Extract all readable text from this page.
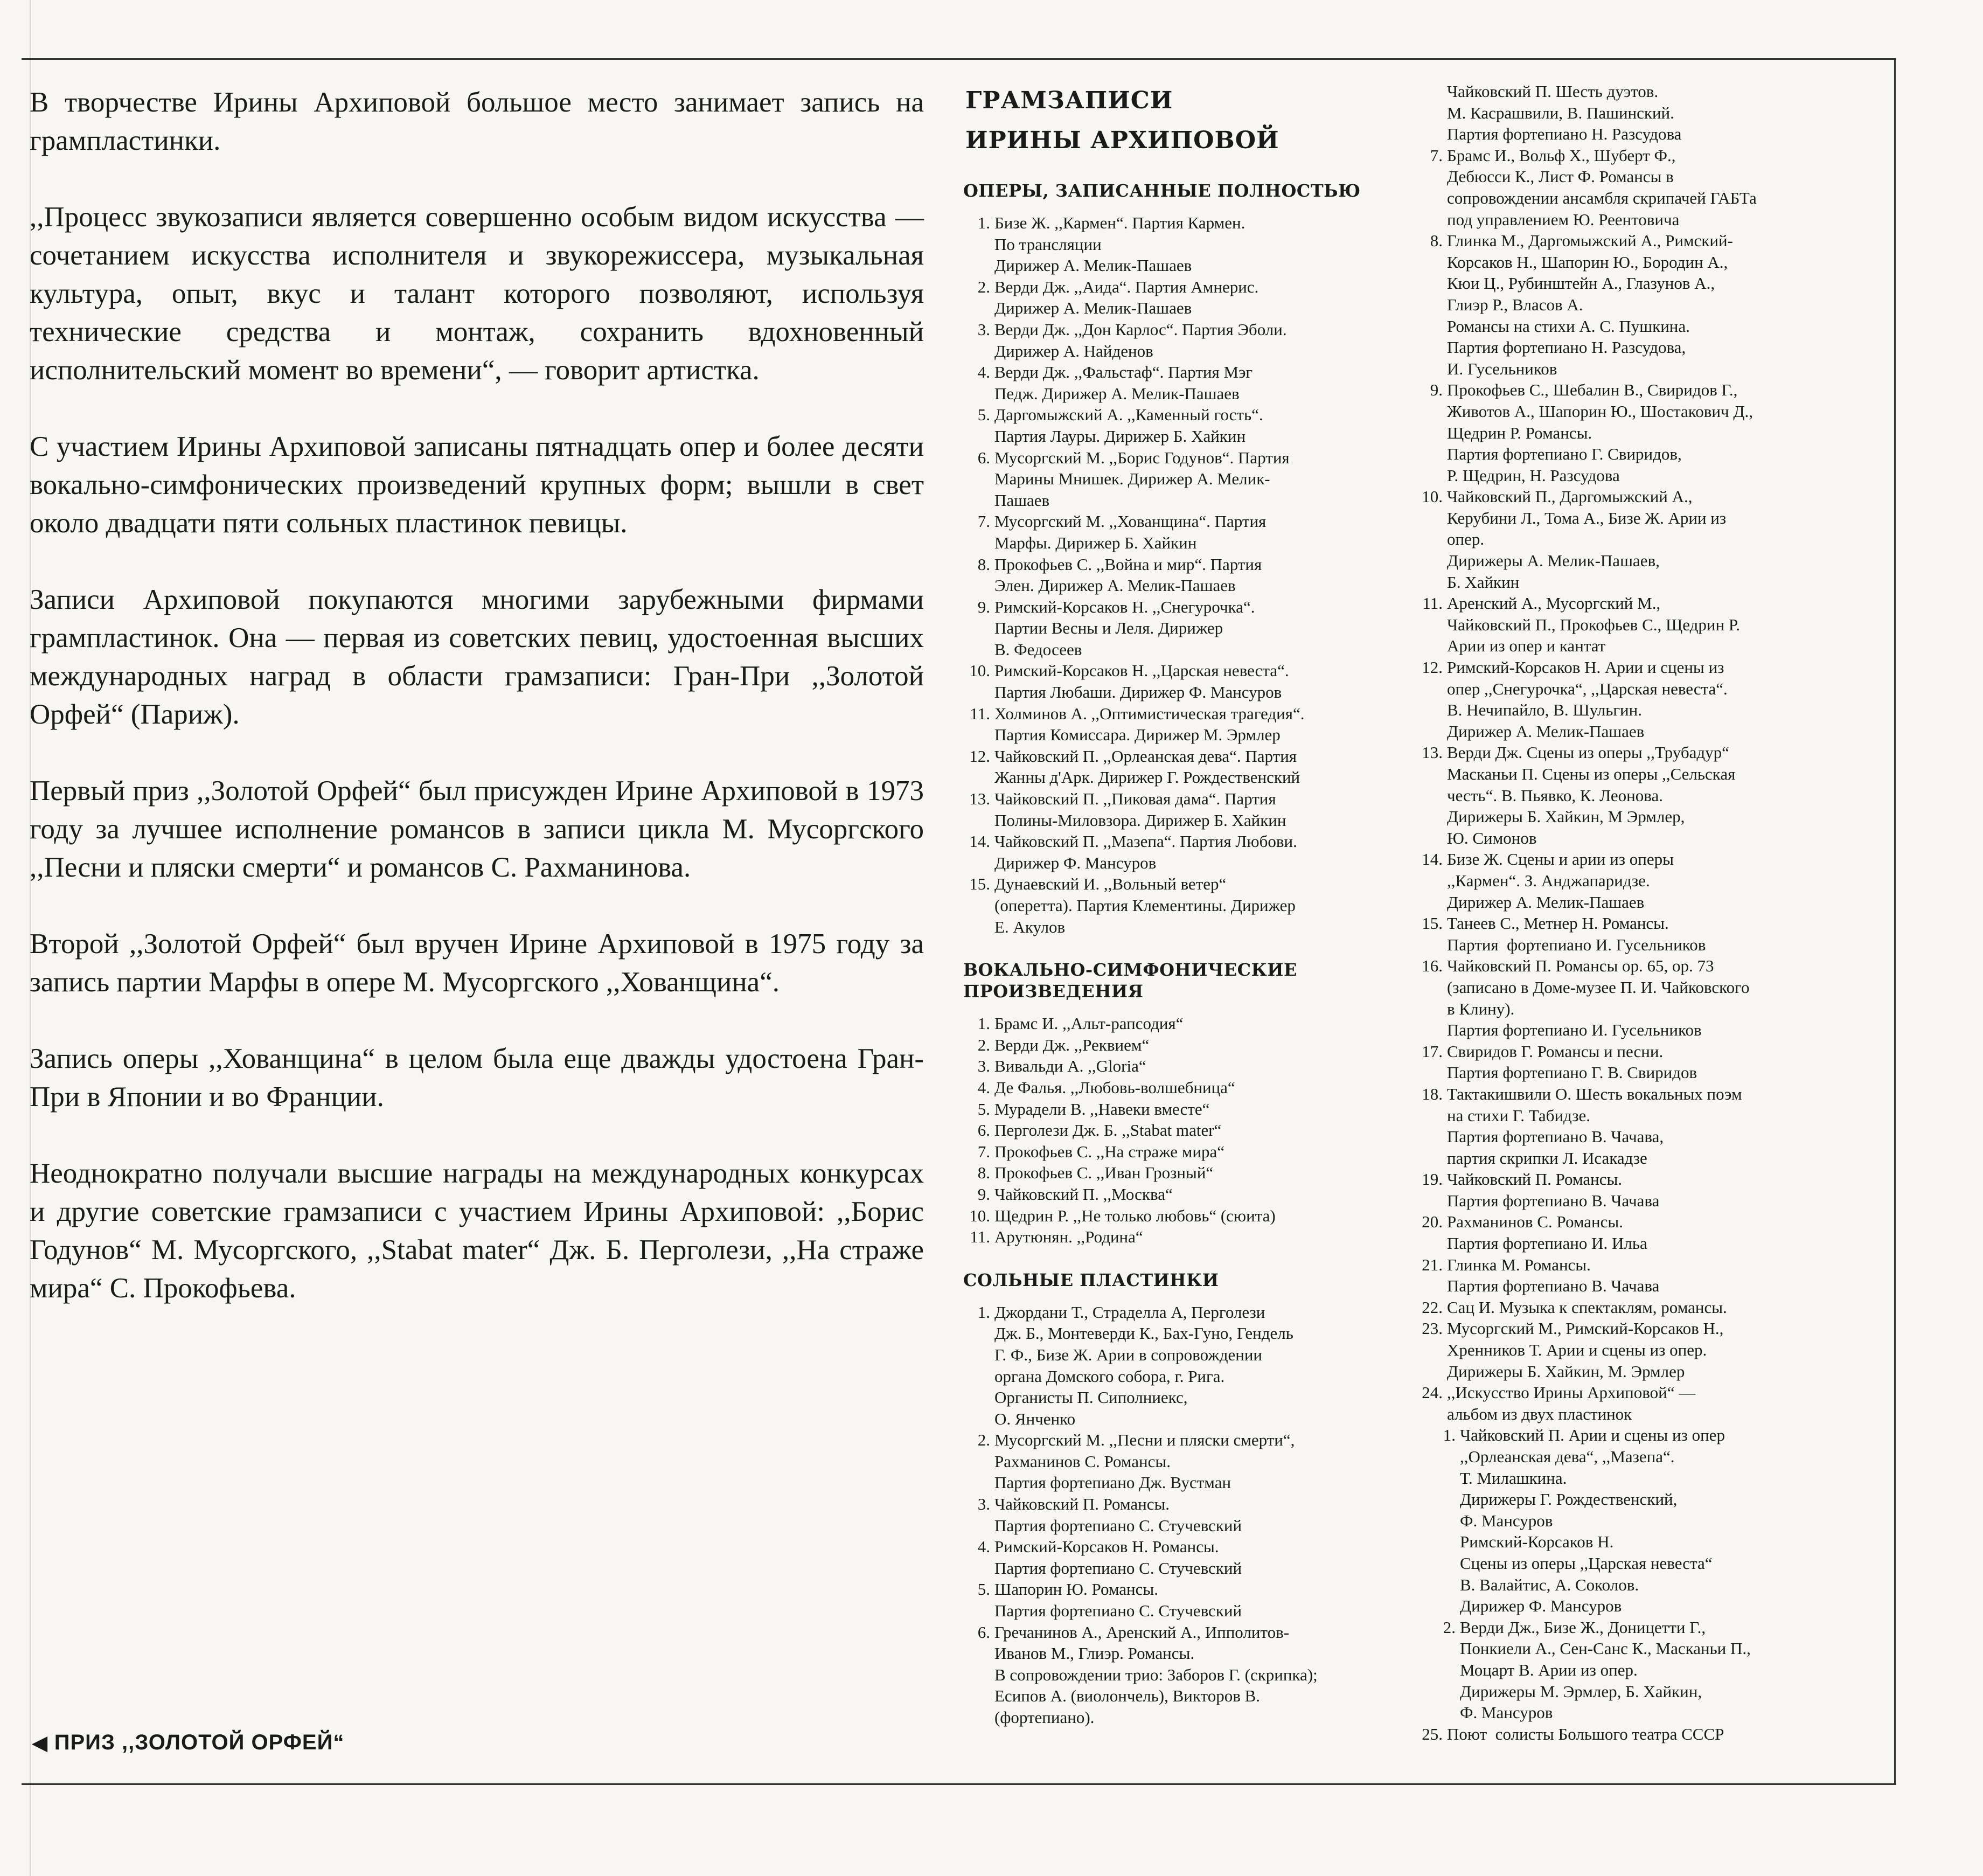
В творчестве Ирины Архиповой большое место занимает запись на грампластинки.

,,Процесс звукозаписи является совершенно особым видом искусства — сочетанием искусства исполнителя и звукорежиссера, музыкальная культура, опыт, вкус и талант которого позволяют, используя технические средства и монтаж, сохранить вдохновенный исполнительский момент во времени“, — говорит артистка.

С участием Ирины Архиповой записаны пятнадцать опер и более десяти вокально-симфонических произведений крупных форм; вышли в свет около двадцати пяти сольных пластинок певицы.

Записи Архиповой покупаются многими зарубежными фирмами грампластинок. Она — первая из советских певиц, удостоенная высших международных наград в области грамзаписи: Гран-При ,,Золотой Орфей“ (Париж).

Первый приз ,,Золотой Орфей“ был присужден Ирине Архиповой в 1973 году за лучшее исполнение романсов в записи цикла М. Мусоргского ,,Песни и пляски смерти“ и романсов С. Рахманинова.

Второй ,,Золотой Орфей“ был вручен Ирине Архиповой в 1975 году за запись партии Марфы в опере М. Мусоргского ,,Хованщина“.

Запись оперы ,,Хованщина“ в целом была еще дважды удостоена Гран-При в Японии и во Франции.

Неоднократно получали высшие награды на международных конкурсах и другие советские грамзаписи с участием Ирины Архиповой: ,,Борис Годунов“ М. Мусоргского, ,,Stabat mater“ Дж. Б. Перголези, ,,На страже мира“ С. Прокофьева.

◀ ПРИЗ ,,ЗОЛОТОЙ ОРФЕЙ“
ГРАМЗАПИСИ
ИРИНЫ АРХИПОВОЙ
ОПЕРЫ, ЗАПИСАННЫЕ ПОЛНОСТЬЮ
1. Бизе Ж. ,,Кармен“. Партия Кармен.
По трансляции
Дирижер А. Мелик-Пашаев
2. Верди Дж. ,,Аида“. Партия Амнерис.
Дирижер А. Мелик-Пашаев
3. Верди Дж. ,,Дон Карлос“. Партия Эболи.
Дирижер А. Найденов
4. Верди Дж. ,,Фальстаф“. Партия Мэг
Педж. Дирижер А. Мелик-Пашаев
5. Даргомыжский А. ,,Каменный гость“.
Партия Лауры. Дирижер Б. Хайкин
6. Мусоргский М. ,,Борис Годунов“. Партия
Марины Мнишек. Дирижер А. Мелик-
Пашаев
7. Мусоргский М. ,,Хованщина“. Партия
Марфы. Дирижер Б. Хайкин
8. Прокофьев С. ,,Война и мир“. Партия
Элен. Дирижер А. Мелик-Пашаев
9. Римский-Корсаков Н. ,,Снегурочка“.
Партии Весны и Леля. Дирижер
В. Федосеев
10. Римский-Корсаков Н. ,,Царская невеста“.
Партия Любаши. Дирижер Ф. Мансуров
11. Холминов А. ,,Оптимистическая трагедия“.
Партия Комиссара. Дирижер М. Эрмлер
12. Чайковский П. ,,Орлеанская дева“. Партия
Жанны д'Арк. Дирижер Г. Рождественский
13. Чайковский П. ,,Пиковая дама“. Партия
Полины-Миловзора. Дирижер Б. Хайкин
14. Чайковский П. ,,Мазепа“. Партия Любови.
Дирижер Ф. Мансуров
15. Дунаевский И. ,,Вольный ветер“
(оперетта). Партия Клементины. Дирижер
Е. Акулов
ВОКАЛЬНО-СИМФОНИЧЕСКИЕ
ПРОИЗВЕДЕНИЯ
1. Брамс И. ,,Альт-рапсодия“
2. Верди Дж. ,,Реквием“
3. Вивальди А. ,,Gloria“
4. Де Фалья. ,,Любовь-волшебница“
5. Мурадели В. ,,Навеки вместе“
6. Перголези Дж. Б. ,,Stabat mater“
7. Прокофьев С. ,,На страже мира“
8. Прокофьев С. ,,Иван Грозный“
9. Чайковский П. ,,Москва“
10. Щедрин Р. ,,Не только любовь“ (сюита)
11. Арутюнян. ,,Родина“
СОЛЬНЫЕ ПЛАСТИНКИ
1. Джордани Т., Страделла А, Перголези
Дж. Б., Монтеверди К., Бах-Гуно, Гендель
Г. Ф., Бизе Ж. Арии в сопровождении
органа Домского собора, г. Рига.
Органисты П. Сиполниекс,
О. Янченко
2. Мусоргский М. ,,Песни и пляски смерти“,
Рахманинов С. Романсы.
Партия фортепиано Дж. Вустман
3. Чайковский П. Романсы.
Партия фортепиано С. Стучевский
4. Римский-Корсаков Н. Романсы.
Партия фортепиано С. Стучевский
5. Шапорин Ю. Романсы.
Партия фортепиано С. Стучевский
6. Гречанинов А., Аренский А., Ипполитов-
Иванов М., Глиэр. Романсы.
В сопровождении трио: Заборов Г. (скрипка);
Есипов А. (виолончель), Викторов В.
(фортепиано).
Чайковский П. Шесть дуэтов.
М. Касрашвили, В. Пашинский.
Партия фортепиано Н. Разсудова
7. Брамс И., Вольф Х., Шуберт Ф.,
Дебюсси К., Лист Ф. Романсы в
сопровождении ансамбля скрипачей ГАБТа
под управлением Ю. Реентовича
8. Глинка М., Даргомыжский А., Римский-
Корсаков Н., Шапорин Ю., Бородин А.,
Кюи Ц., Рубинштейн А., Глазунов А.,
Глиэр Р., Власов А.
Романсы на стихи А. С. Пушкина.
Партия фортепиано Н. Разсудова,
И. Гусельников
9. Прокофьев С., Шебалин В., Свиридов Г.,
Животов А., Шапорин Ю., Шостакович Д.,
Щедрин Р. Романсы.
Партия фортепиано Г. Свиридов,
Р. Щедрин, Н. Разсудова
10. Чайковский П., Даргомыжский А.,
Керубини Л., Тома А., Бизе Ж. Арии из
опер.
Дирижеры А. Мелик-Пашаев,
Б. Хайкин
11. Аренский А., Мусоргский М.,
Чайковский П., Прокофьев С., Щедрин Р.
Арии из опер и кантат
12. Римский-Корсаков Н. Арии и сцены из
опер ,,Снегурочка“, ,,Царская невеста“.
В. Нечипайло, В. Шульгин.
Дирижер А. Мелик-Пашаев
13. Верди Дж. Сцены из оперы ,,Трубадур“
Масканьи П. Сцены из оперы ,,Сельская
честь“. В. Пьявко, К. Леонова.
Дирижеры Б. Хайкин, М Эрмлер,
Ю. Симонов
14. Бизе Ж. Сцены и арии из оперы
,,Кармен“. З. Анджапаридзе.
Дирижер А. Мелик-Пашаев
15. Танеев С., Метнер Н. Романсы.
Партия  фортепиано И. Гусельников
16. Чайковский П. Романсы ор. 65, ор. 73
(записано в Доме-музее П. И. Чайковского
в Клину).
Партия фортепиано И. Гусельников
17. Свиридов Г. Романсы и песни.
Партия фортепиано Г. В. Свиридов
18. Тактакишвили О. Шесть вокальных поэм
на стихи Г. Табидзе.
Партия фортепиано В. Чачава,
партия скрипки Л. Исакадзе
19. Чайковский П. Романсы.
Партия фортепиано В. Чачава
20. Рахманинов С. Романсы.
Партия фортепиано И. Ильа
21. Глинка М. Романсы.
Партия фортепиано В. Чачава
22. Сац И. Музыка к спектаклям, романсы.
23. Мусоргский М., Римский-Корсаков Н.,
Хренников Т. Арии и сцены из опер.
Дирижеры Б. Хайкин, М. Эрмлер
24. ,,Искусство Ирины Архиповой“ —
альбом из двух пластинок
1. Чайковский П. Арии и сцены из опер
,,Орлеанская дева“, ,,Мазепа“.
Т. Милашкина.
Дирижеры Г. Рождественский,
Ф. Мансуров
Римский-Корсаков Н.
Сцены из оперы ,,Царская невеста“
В. Валайтис, А. Соколов.
Дирижер Ф. Мансуров
2. Верди Дж., Бизе Ж., Доницетти Г.,
Понкиели А., Сен-Санс К., Масканьи П.,
Моцарт В. Арии из опер.
Дирижеры М. Эрмлер, Б. Хайкин,
Ф. Мансуров
25. Поют  солисты Большого театра СССР
